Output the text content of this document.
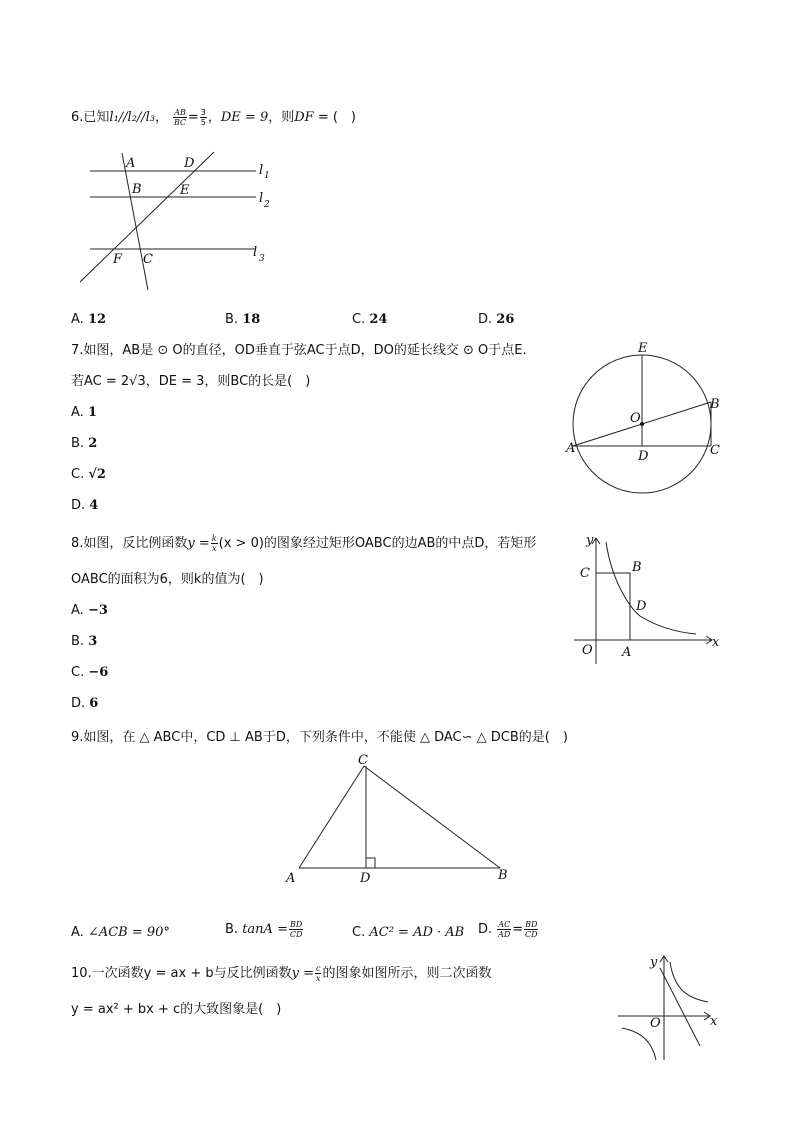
6.已知l₁//l₂//l₃， $\frac{AB}{BC} = \frac{3}{5}$ ，DE = 9，则DF = (　)
A	D
B	E
F C
l 1
l 2
l 3
A. 12	B. 18	C. 24	D. 26
7.如图，AB是 ⊙ O的直径，OD垂直于弦AC于点D，DO的延长线交 ⊙ O于点E.
若AC = 2√3，DE = 3，则BC的长是(　)
A. 1
B. 2
C. √2
D. 4
E
O
B
A
D	C
8.如图，反比例函数$y = \frac{k}{x} (x > 0)$的图象经过矩形OABC的边AB的中点D，若矩形
OABC的面积为6，则k的值为(　)
A. −3
B. 3
C. −6
D. 6
y
x
C	B
D
O A
9.如图，在 △ ABC中，CD ⊥ AB于D，下列条件中，不能使 △ DAC∽ △ DCB的是(　)
C
A	D	B
A. ∠ACB = 90°	B. $\tan A = \frac{BD}{CD}$	C. AC² = AD · AB D. $\frac{AC}{AD} = \frac{BD}{CD}$
10.一次函数y = ax + b与反比例函数$y = \frac{c}{x}$ 的图象如图所示，则二次函数
y = ax² + bx + c的大致图象是(　)
y
x
O
